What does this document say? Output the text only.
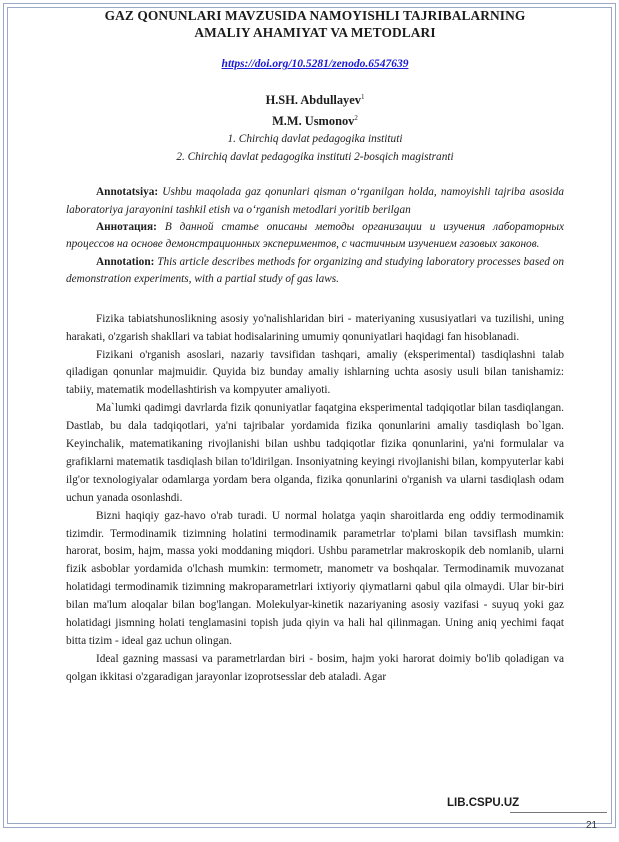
GAZ QONUNLARI MAVZUSIDA NAMOYISHLI TAJRIBALARNING
AMALIY AHAMIYAT VA METODLARI

https://doi.org/10.5281/zenodo.6547639
H.SH. Abdullayev$^1$
M.M. Usmonov$^2$
1. Chirchiq davlat pedagogika instituti
2. Chirchiq davlat pedagogika instituti 2-bosqich magistranti

Annotatsiya: Ushbu maqolada gaz qonunlari qisman o‘rganilgan holda, namoyishli tajriba asosida laboratoriya jarayonini tashkil etish va o‘rganish metodlari yoritib berilgan

Аннотация: В данной статье описаны методы организации и изучения лабораторных процессов на основе демонстрационных экспериментов, с частичным изучением газовых законов.

Annotation: This article describes methods for organizing and studying laboratory processes based on demonstration experiments, with a partial study of gas laws.

Fizika tabiatshunoslikning asosiy yo'nalishlaridan biri - materiyaning xususiyatlari va tuzilishi, uning harakati, o'zgarish shakllari va tabiat hodisalarining umumiy qonuniyatlari haqidagi fan hisoblanadi.

Fizikani o'rganish asoslari, nazariy tavsifidan tashqari, amaliy (eksperimental) tasdiqlashni talab qiladigan qonunlar majmuidir. Quyida biz bunday amaliy ishlarning uchta asosiy usuli bilan tanishamiz: tabiiy, matematik modellashtirish va kompyuter amaliyoti.

Ma`lumki qadimgi davrlarda fizik qonuniyatlar faqatgina eksperimental tadqiqotlar bilan tasdiqlangan. Dastlab, bu dala tadqiqotlari, ya'ni tajribalar yordamida fizika qonunlarini amaliy tasdiqlash bo`lgan. Keyinchalik, matematikaning rivojlanishi bilan ushbu tadqiqotlar fizika qonunlarini, ya'ni formulalar va grafiklarni matematik tasdiqlash bilan to'ldirilgan. Insoniyatning keyingi rivojlanishi bilan, kompyuterlar kabi ilg'or texnologiyalar odamlarga yordam bera olganda, fizika qonunlarini o'rganish va ularni tasdiqlash odam uchun yanada osonlashdi.

Bizni haqiqiy gaz-havo o'rab turadi. U normal holatga yaqin sharoitlarda eng oddiy termodinamik tizimdir. Termodinamik tizimning holatini termodinamik parametrlar to'plami bilan tavsiflash mumkin: harorat, bosim, hajm, massa yoki moddaning miqdori. Ushbu parametrlar makroskopik deb nomlanib, ularni fizik asboblar yordamida o'lchash mumkin: termometr, manometr va boshqalar. Termodinamik muvozanat holatidagi termodinamik tizimning makroparametrlari ixtiyoriy qiymatlarni qabul qila olmaydi. Ular bir-biri bilan ma'lum aloqalar bilan bog'langan. Molekulyar-kinetik nazariyaning asosiy vazifasi - suyuq yoki gaz holatidagi jismning holati tenglamasini topish juda qiyin va hali hal qilinmagan. Uning aniq yechimi faqat bitta tizim - ideal gaz uchun olingan.

Ideal gazning massasi va parametrlardan biri - bosim, hajm yoki harorat doimiy bo'lib qoladigan va qolgan ikkitasi o'zgaradigan jarayonlar izoprotsesslar deb ataladi. Agar

LIB.CSPU.UZ
21
